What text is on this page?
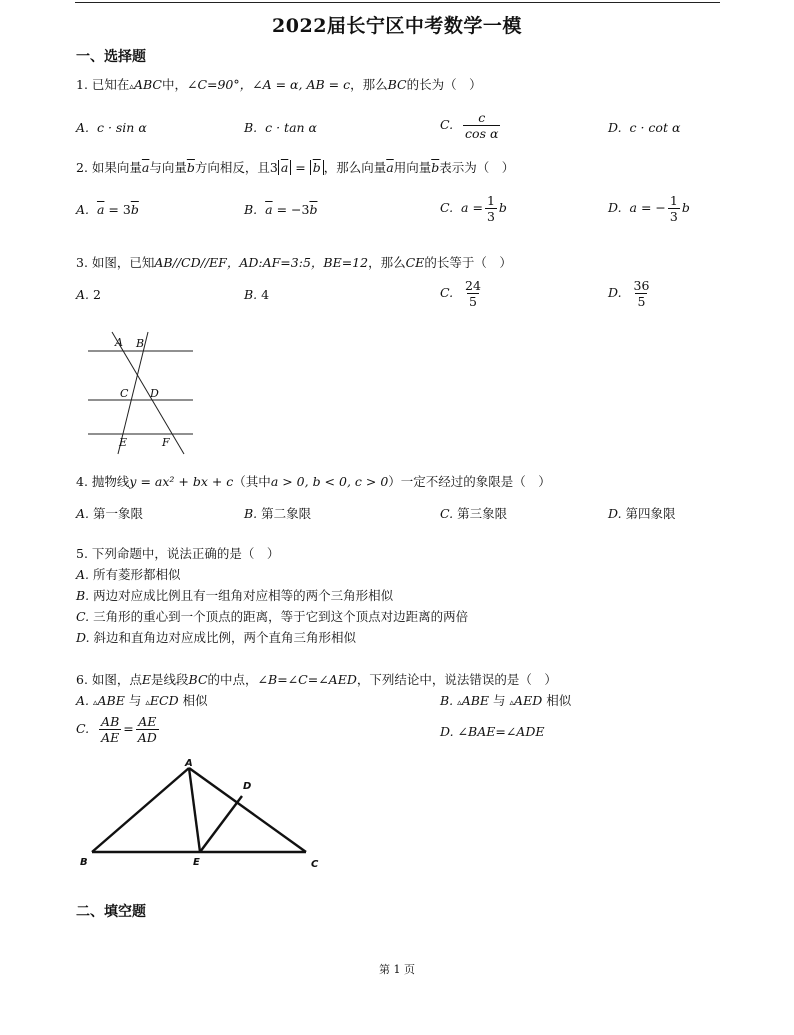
2022届长宁区中考数学一模
一、选择题
1. 已知在▵ABC中，∠C=90°，∠A = α, AB = c，那么BC的长为（　）
A. c · sin α	B. c · tan α	C. $\frac{c}{\text{cos α}}$	D. c · cot α
2. 如果向量$\overline{a}$与向量$\overline{b}$方向相反，且3 $\overline{a} = \overline{b}$ ，那么向量$\overline{a}$用向量$\overline{b}$表示为（　）
A. $\overline{a} = 3\overline{b}$	B. $\overline{a} = -3\overline{b}$	C. $a = \frac{1}{3}$ b	D. a = − $\frac{1}{3}$ b
3. 如图，已知AB//CD//EF，AD:AF=3:5，BE=12，那么CE的长等于（　）
A. 2	B. 4	C. $\frac{24}{5}$	D. $\frac{36}{5}$
A B
C D
E	F
4. 抛物线y = ax² + bx + c（其中a > 0, b < 0, c > 0）一定不经过的象限是（　）
A. 第一象限	B. 第二象限	C. 第三象限	D. 第四象限
5. 下列命题中，说法正确的是（　）
A. 所有菱形都相似
B. 两边对应成比例且有一组角对应相等的两个三角形相似
C. 三角形的重心到一个顶点的距离，等于它到这个顶点对边距离的两倍
D. 斜边和直角边对应成比例，两个直角三角形相似
6. 如图，点E是线段BC的中点，∠B=∠C=∠AED，下列结论中，说法错误的是（　）
A. ▵ABE 与 ▵ECD 相似	B. ▵ABE 与 ▵AED 相似
C. $\frac{AB}{AE} = \frac{AE}{AD}$	D. ∠BAE=∠ADE
A
B	C
D
E
二、填空题
第 1 页
